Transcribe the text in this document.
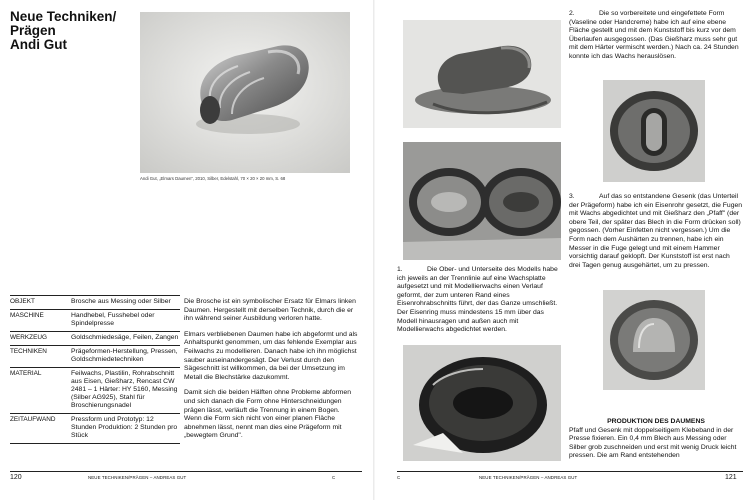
Neue Techniken/
Prägen
Andi Gut
Andi Gut, „Elmars Daumen", 2010, Silber, Edelstahl, 70 × 20 × 20 mm, S. 68
OBJEKT	Brosche aus Messing oder Silber
MASCHINE	Handhebel, Fusshebel oder Spindelpresse
WERKZEUG	Goldschmiedesäge, Feilen, Zangen
TECHNIKEN	Prägeformen-Herstellung, Pressen, Goldschmiedetechniken
MATERIAL	Feilwachs, Plastilin, Rohrabschnitt aus Eisen, Gießharz, Rencast CW 2481 – 1 Härter: HY 5160, Messing (Silber AG925), Stahl für Broschierungsnadel
ZEITAUFWAND	Pressform und Prototyp: 12 Stunden Produktion: 2 Stunden pro Stück

Die Brosche ist ein symbolischer Ersatz für Elmars linken Daumen. Hergestellt mit derselben Technik, durch die er ihn während seiner Ausbildung verloren hatte.

Elmars verbliebenen Daumen habe ich abgeformt und als Anhaltspunkt genommen, um das fehlende Exemplar aus Feilwachs zu modellieren. Danach habe ich ihn möglichst sauber auseinandergesägt. Der Verlust durch den Sägeschnitt ist willkommen, da bei der Umsetzung im Metall die Blechstärke dazukommt.

Damit sich die beiden Hälften ohne Probleme abformen und sich danach die Form ohne Hinterschneidungen prägen lässt, verläuft die Trennung in einem Bogen. Wenn die Form sich nicht von einer planen Fläche abnehmen lässt, nennt man dies eine Prägeform mit „bewegtem Grund".

120	NEUE TECHNIKEN/PRÄGEN – ANDREAS GUT	C

2.	Die so vorbereitete und eingefettete Form (Vaseline oder Handcreme) habe ich auf eine ebene Fläche gestellt und mit dem Kunststoff bis kurz vor dem Überlaufen ausgegossen. (Das Gießharz muss sehr gut mit dem Härter vermischt werden.) Nach ca. 24 Stunden konnte ich das Wachs herauslösen.

3.	Auf das so entstandene Gesenk (das Unterteil der Prägeform) habe ich ein Eisenrohr gesetzt, die Fugen mit Wachs abgedichtet und mit Gießharz den „Pfaff" (der obere Teil, der später das Blech in die Form drücken soll) gegossen. (Vorher Einfetten nicht vergessen.) Um die Form nach dem Aushärten zu trennen, habe ich ein Messer in die Fuge gelegt und mit einem Hammer vorsichtig darauf geklopft. Der Kunststoff ist erst nach drei Tagen genug ausgehärtet, um zu pressen.

1.	Die Ober- und Unterseite des Modells habe ich jeweils an der Trennlinie auf eine Wachsplatte aufgesetzt und mit Modellierwachs einen Verlauf geformt, der zum unteren Rand eines Eisenrohrabschnitts führt, der das Ganze umschließt. Der Eisenring muss mindestens 15 mm über das Modell hinausragen und außen auch mit Modellierwachs abgedichtet werden.

PRODUKTION DES DAUMENS

Pfaff und Gesenk mit doppelseitigem Klebeband in der Presse fixieren. Ein 0,4 mm Blech aus Messing oder Silber grob zuschneiden und erst mit wenig Druck leicht pressen. Die am Rand entstehenden

C	NEUE TECHNIKEN/PRÄGEN – ANDREAS GUT	121
